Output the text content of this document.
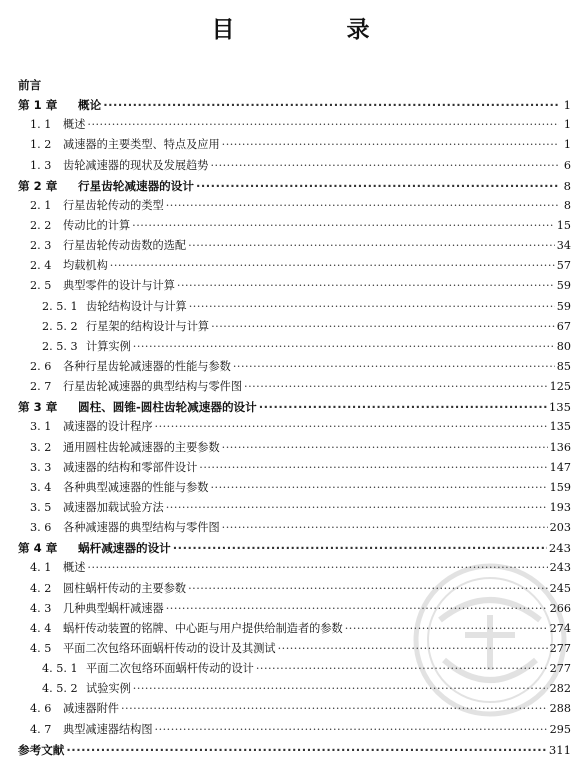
目 录
前言
第 1 章	概论 ·····	1
1. 1	概述 ·····	1
1. 2	减速器的主要类型、特点及应用 ·····	1
1. 3	齿轮减速器的现状及发展趋势 ·····	6
第 2 章	行星齿轮减速器的设计 ·····	8
2. 1	行星齿轮传动的类型 ·····	8
2. 2	传动比的计算 ·····	15
2. 3	行星齿轮传动齿数的选配 ·····	34
2. 4	均载机构 ·····	57
2. 5	典型零件的设计与计算 ·····	59
2. 5. 1 齿轮结构设计与计算 ·····	59
2. 5. 2 行星架的结构设计与计算 ·····	67
2. 5. 3 计算实例 ·····	80
2. 6	各种行星齿轮减速器的性能与参数 ·····	85
2. 7	行星齿轮减速器的典型结构与零件图 ·····	125
第 3 章	圆柱、圆锥-圆柱齿轮减速器的设计 ·····	135
3. 1	减速器的设计程序 ·····	135
3. 2	通用圆柱齿轮减速器的主要参数 ·····	136
3. 3	减速器的结构和零部件设计 ·····	147
3. 4	各种典型减速器的性能与参数 ·····	159
3. 5	减速器加载试验方法 ·····	193
3. 6	各种减速器的典型结构与零件图 ·····	203
第 4 章	蜗杆减速器的设计 ·····	243
4. 1	概述 ·····	243
4. 2	圆柱蜗杆传动的主要参数 ·····	245
4. 3	几种典型蜗杆减速器 ·····	266
4. 4	蜗杆传动装置的铭牌、中心距与用户提供给制造者的参数 ·····	274
4. 5	平面二次包络环面蜗杆传动的设计及其测试 ·····	277
4. 5. 1 平面二次包络环面蜗杆传动的设计 ·····	277
4. 5. 2 试验实例 ·····	282
4. 6	减速器附件 ·····	288
4. 7	典型减速器结构图 ·····	295
参考文献 ·····	311
